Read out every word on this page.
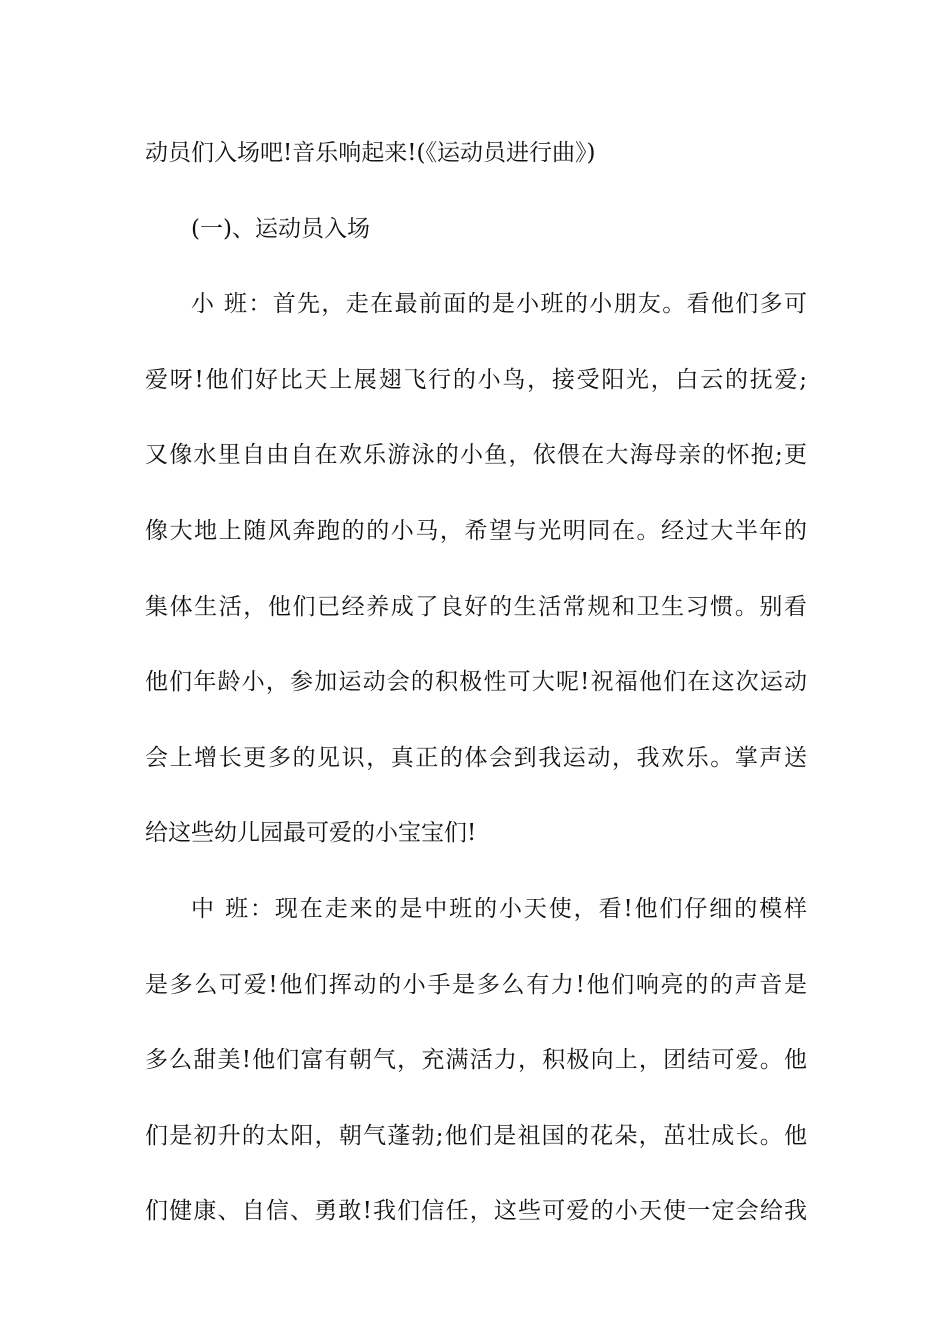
动员们入场吧!音乐响起来!(《运动员进行曲》)
(一)、运动员入场
小 班：首先，走在最前面的是小班的小朋友。看他们多可
爱呀!他们好比天上展翅飞行的小鸟，接受阳光，白云的抚爱;
又像水里自由自在欢乐游泳的小鱼，依偎在大海母亲的怀抱;更
像大地上随风奔跑的的小马，希望与光明同在。经过大半年的
集体生活，他们已经养成了良好的生活常规和卫生习惯。别看
他们年龄小，参加运动会的积极性可大呢!祝福他们在这次运动
会上增长更多的见识，真正的体会到我运动，我欢乐。掌声送
给这些幼儿园最可爱的小宝宝们!
中 班：现在走来的是中班的小天使，看!他们仔细的模样
是多么可爱!他们挥动的小手是多么有力!他们响亮的的声音是
多么甜美!他们富有朝气，充满活力，积极向上，团结可爱。他
们是初升的太阳，朝气蓬勃;他们是祖国的花朵，茁壮成长。他
们健康、自信、勇敢!我们信任，这些可爱的小天使一定会给我
